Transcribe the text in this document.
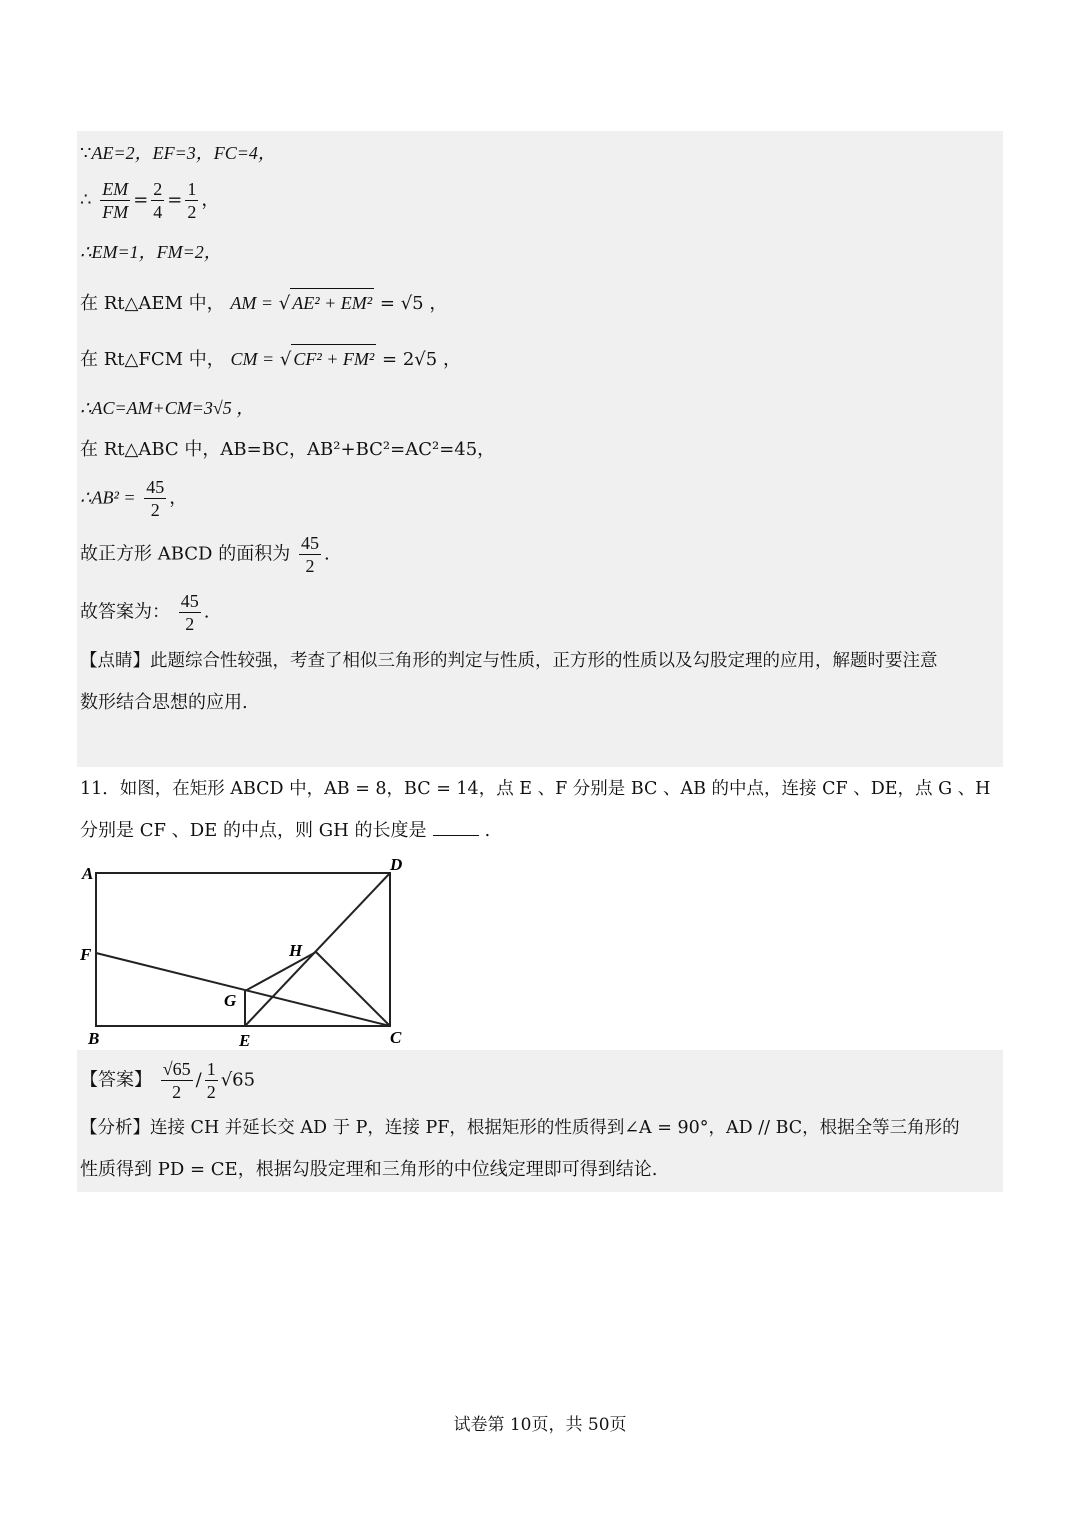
∵AE=2，EF=3，FC=4，
∴ $\frac{EM}{FM} = \frac{2}{4} = \frac{1}{2}$ ，
∴EM=1，FM=2，
在 Rt△AEM 中， AM = √ AE² + EM² = √5 ，
在 Rt△FCM 中， CM = √ CF² + FM² = 2√5 ，
∴AC=AM+CM=3√5 ，
在 Rt△ABC 中，AB=BC，AB²+BC²=AC²=45，
∴AB² = $\frac{45}{2}$ ，
故正方形 ABCD 的面积为 $\frac{45}{2}$ .
故答案为： $\frac{45}{2}$ .
【点睛】此题综合性较强，考查了相似三角形的判定与性质，正方形的性质以及勾股定理的应用，解题时要注意
数形结合思想的应用.
11．如图，在矩形 ABCD 中，AB = 8，BC = 14，点 E 、F 分别是 BC 、AB 的中点，连接 CF 、DE，点 G 、H
分别是 CF 、DE 的中点，则 GH 的长度是	.
A
B	C
D
E
F
G
H
【答案】 $\frac{√65}{2} / \frac{1}{2} √65$
【分析】连接 CH 并延长交 AD 于 P，连接 PF，根据矩形的性质得到∠A = 90°，AD // BC，根据全等三角形的
性质得到 PD = CE，根据勾股定理和三角形的中位线定理即可得到结论.
试卷第 10页，共 50页
